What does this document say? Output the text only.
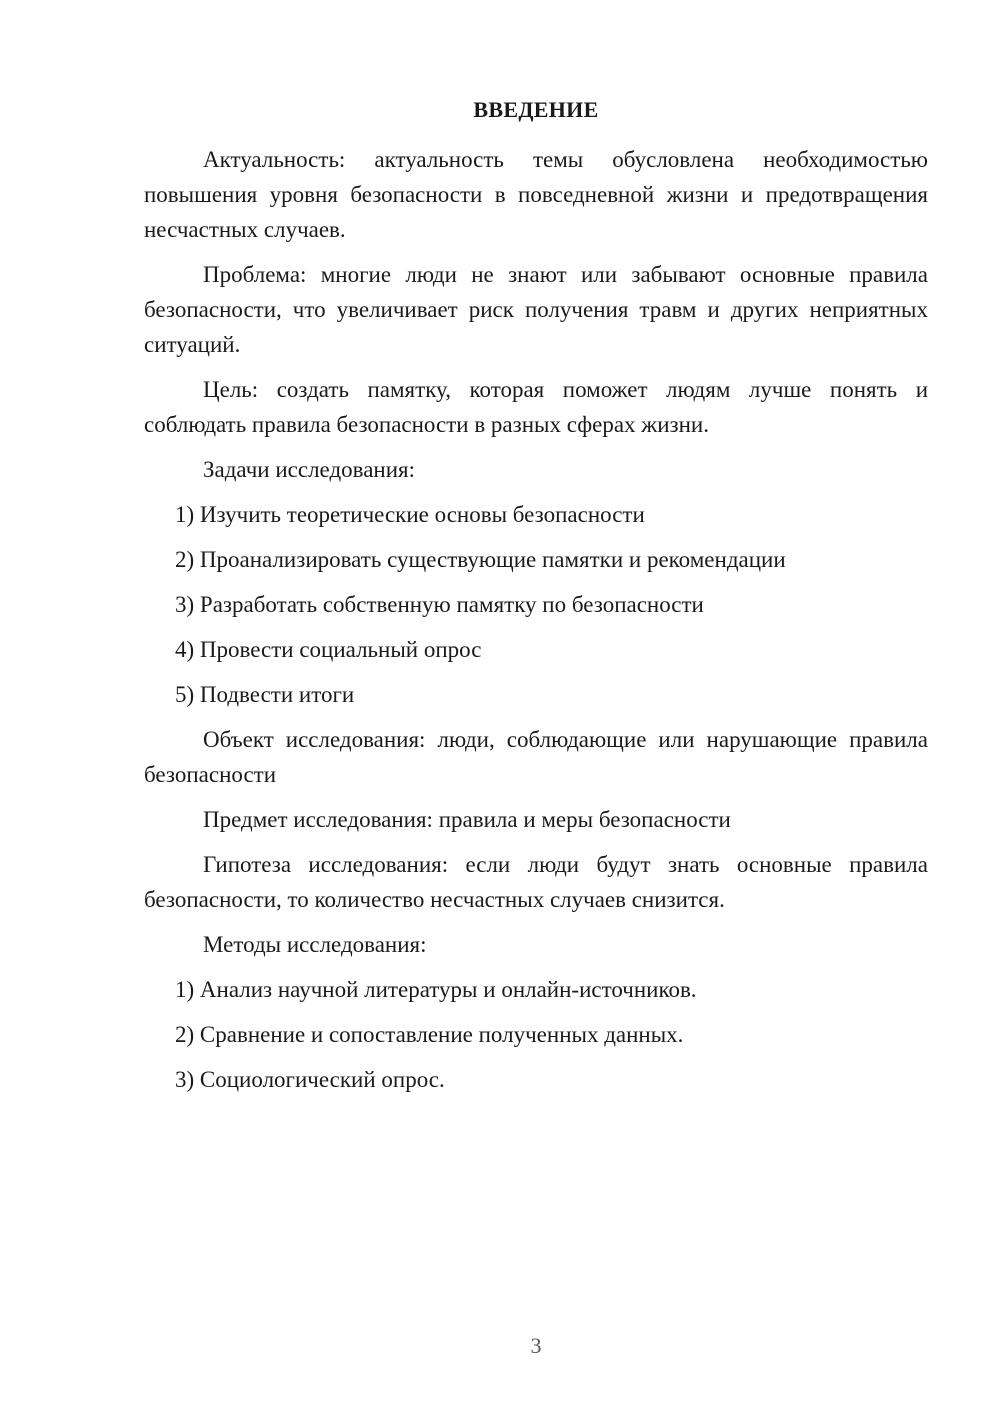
ВВЕДЕНИЕ

Актуальность: актуальность темы обусловлена необходимостью повышения уровня безопасности в повседневной жизни и предотвращения несчастных случаев.

Проблема: многие люди не знают или забывают основные правила безопасности, что увеличивает риск получения травм и других неприятных ситуаций.

Цель: создать памятку, которая поможет людям лучше понять и соблюдать правила безопасности в разных сферах жизни.

Задачи исследования:

1) Изучить теоретические основы безопасности

2) Проанализировать существующие памятки и рекомендации

3) Разработать собственную памятку по безопасности

4) Провести социальный опрос

5) Подвести итоги

Объект исследования: люди, соблюдающие или нарушающие правила безопасности

Предмет исследования: правила и меры безопасности

Гипотеза исследования: если люди будут знать основные правила безопасности, то количество несчастных случаев снизится.

Методы исследования:

1) Анализ научной литературы и онлайн-источников.

2) Сравнение и сопоставление полученных данных.

3) Социологический опрос.

3
